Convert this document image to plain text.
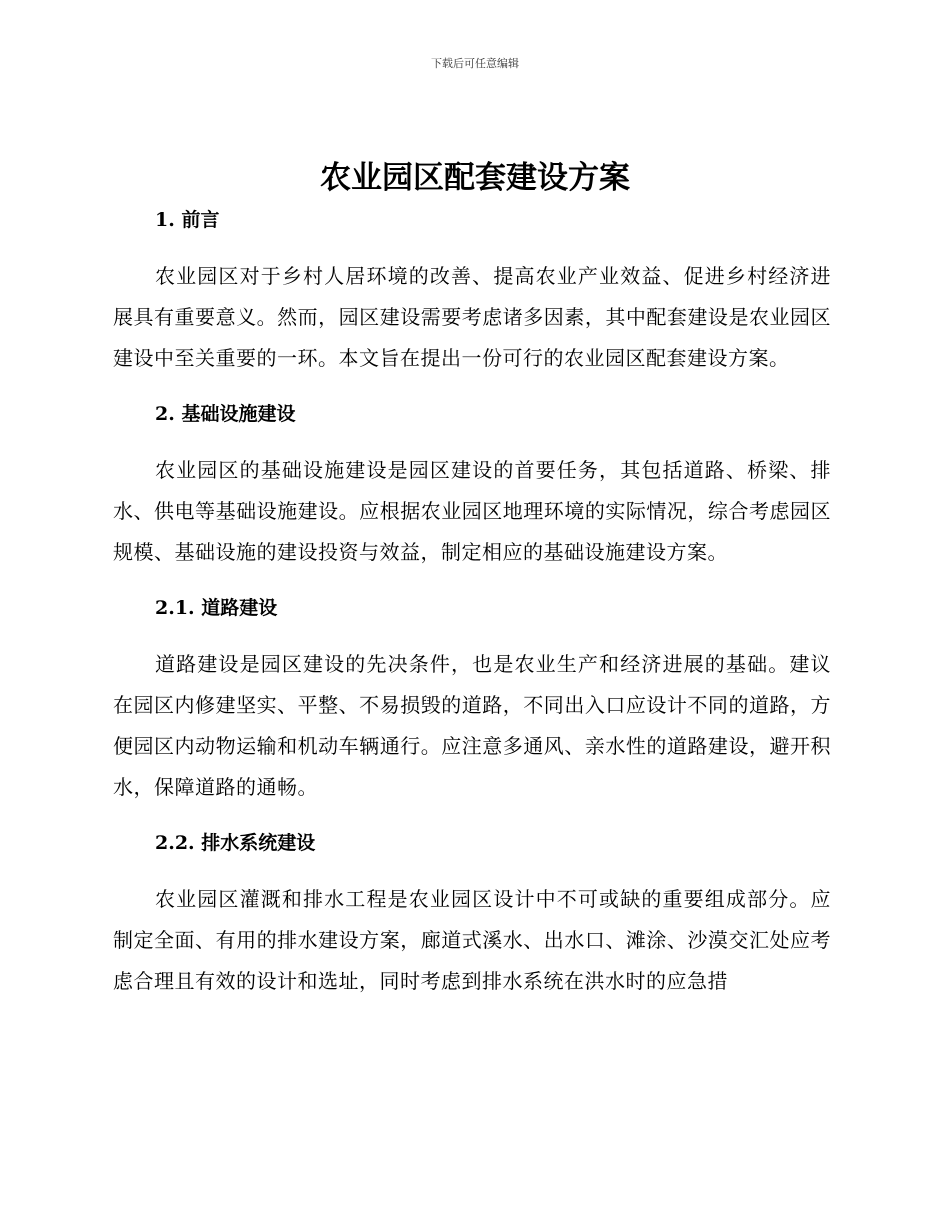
下载后可任意编辑
农业园区配套建设方案
1. 前言

农业园区对于乡村人居环境的改善、提高农业产业效益、促进乡村经济进展具有重要意义。然而，园区建设需要考虑诸多因素，其中配套建设是农业园区建设中至关重要的一环。本文旨在提出一份可行的农业园区配套建设方案。

2. 基础设施建设

农业园区的基础设施建设是园区建设的首要任务，其包括道路、桥梁、排水、供电等基础设施建设。应根据农业园区地理环境的实际情况，综合考虑园区规模、基础设施的建设投资与效益，制定相应的基础设施建设方案。

2.1. 道路建设

道路建设是园区建设的先决条件，也是农业生产和经济进展的基础。建议在园区内修建坚实、平整、不易损毁的道路，不同出入口应设计不同的道路，方便园区内动物运输和机动车辆通行。应注意多通风、亲水性的道路建设，避开积水，保障道路的通畅。

2.2. 排水系统建设

农业园区灌溉和排水工程是农业园区设计中不可或缺的重要组成部分。应制定全面、有用的排水建设方案，廊道式溪水、出水口、滩涂、沙漠交汇处应考虑合理且有效的设计和选址，同时考虑到排水系统在洪水时的应急措
